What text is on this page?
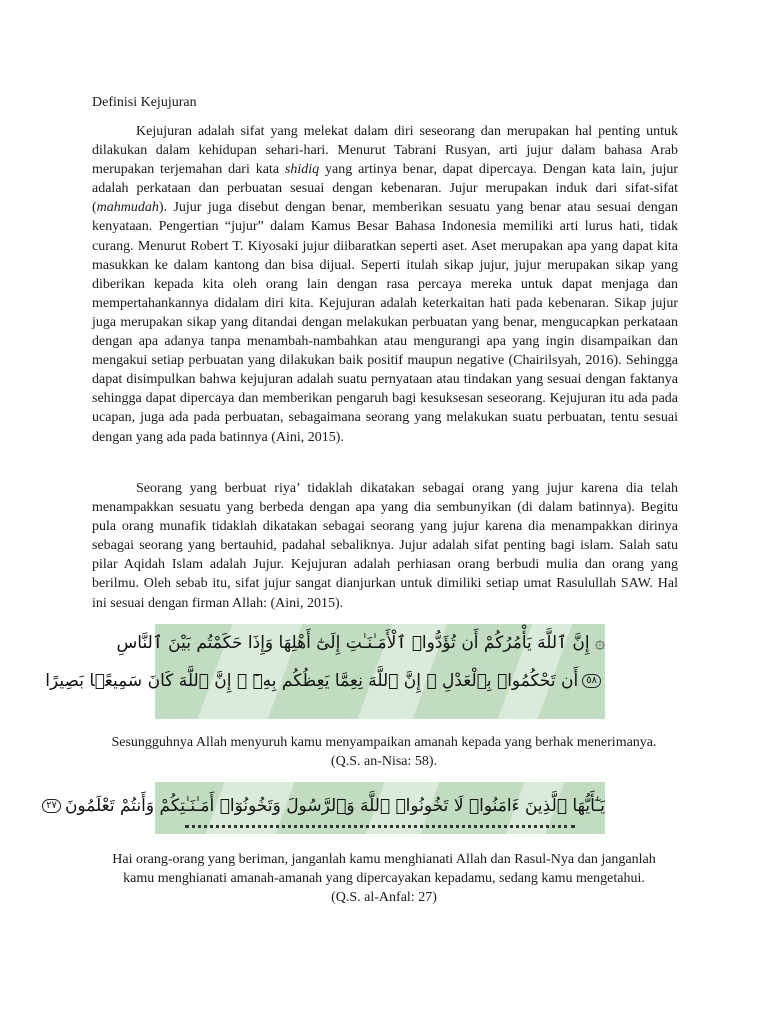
Definisi Kejujuran

Kejujuran adalah sifat yang melekat dalam diri seseorang dan merupakan hal penting untuk dilakukan dalam kehidupan sehari-hari. Menurut Tabrani Rusyan, arti jujur dalam bahasa Arab merupakan terjemahan dari kata shidiq yang artinya benar, dapat dipercaya. Dengan kata lain, jujur adalah perkataan dan perbuatan sesuai dengan kebenaran. Jujur merupakan induk dari sifat-sifat (mahmudah). Jujur juga disebut dengan benar, memberikan sesuatu yang benar atau sesuai dengan kenyataan. Pengertian “jujur” dalam Kamus Besar Bahasa Indonesia memiliki arti lurus hati, tidak curang. Menurut Robert T. Kiyosaki jujur diibaratkan seperti aset. Aset merupakan apa yang dapat kita masukkan ke dalam kantong dan bisa dijual. Seperti itulah sikap jujur, jujur merupakan sikap yang diberikan kepada kita oleh orang lain dengan rasa percaya mereka untuk dapat menjaga dan mempertahankannya didalam diri kita. Kejujuran adalah keterkaitan hati pada kebenaran. Sikap jujur juga merupakan sikap yang ditandai dengan melakukan perbuatan yang benar, mengucapkan perkataan dengan apa adanya tanpa menambah-nambahkan atau mengurangi apa yang ingin disampaikan dan mengakui setiap perbuatan yang dilakukan baik positif maupun negative (Chairilsyah, 2016). Sehingga dapat disimpulkan bahwa kejujuran adalah suatu pernyataan atau tindakan yang sesuai dengan faktanya sehingga dapat dipercaya dan memberikan pengaruh bagi kesuksesan seseorang. Kejujuran itu ada pada ucapan, juga ada pada perbuatan, sebagaimana seorang yang melakukan suatu perbuatan, tentu sesuai dengan yang ada pada batinnya (Aini, 2015).

Seorang yang berbuat riya’ tidaklah dikatakan sebagai orang yang jujur karena dia telah menampakkan sesuatu yang berbeda dengan apa yang dia sembunyikan (di dalam batinnya). Begitu pula orang munafik tidaklah dikatakan sebagai seorang yang jujur karena dia menampakkan dirinya sebagai seorang yang bertauhid, padahal sebaliknya. Jujur adalah sifat penting bagi islam. Salah satu pilar Aqidah Islam adalah Jujur. Kejujuran adalah perhiasan orang berbudi mulia dan orang yang berilmu. Oleh sebab itu, sifat jujur sangat dianjurkan untuk dimiliki setiap umat Rasulullah SAW. Hal ini sesuai dengan firman Allah: (Aini, 2015).

۞ إِنَّ ٱللَّهَ يَأْمُرُكُمْ أَن تُؤَدُّوا۟ ٱلْأَمَـٰنَـٰتِ إِلَىٰٓ أَهْلِهَا وَإِذَا حَكَمْتُم بَيْنَ ٱلنَّاسِ
٥٨أَن تَحْكُمُوا۟ بِٱلْعَدْلِ ۚ إِنَّ ٱللَّهَ نِعِمَّا يَعِظُكُم بِهِۦٓ ۗ إِنَّ ٱللَّهَ كَانَ سَمِيعًۢا بَصِيرًا
Sesungguhnya Allah menyuruh kamu menyampaikan amanah kepada yang berhak menerimanya.
(Q.S. an-Nisa: 58).
يَـٰٓأَيُّهَا ٱلَّذِينَ ءَامَنُوا۟ لَا تَخُونُوا۟ ٱللَّهَ وَٱلرَّسُولَ وَتَخُونُوٓا۟ أَمَـٰنَـٰتِكُمْ وَأَنتُمْ تَعْلَمُونَ٢٧
Hai orang-orang yang beriman, janganlah kamu menghianati Allah dan Rasul-Nya dan janganlah
kamu menghianati amanah-amanah yang dipercayakan kepadamu, sedang kamu mengetahui.
(Q.S. al-Anfal: 27)
